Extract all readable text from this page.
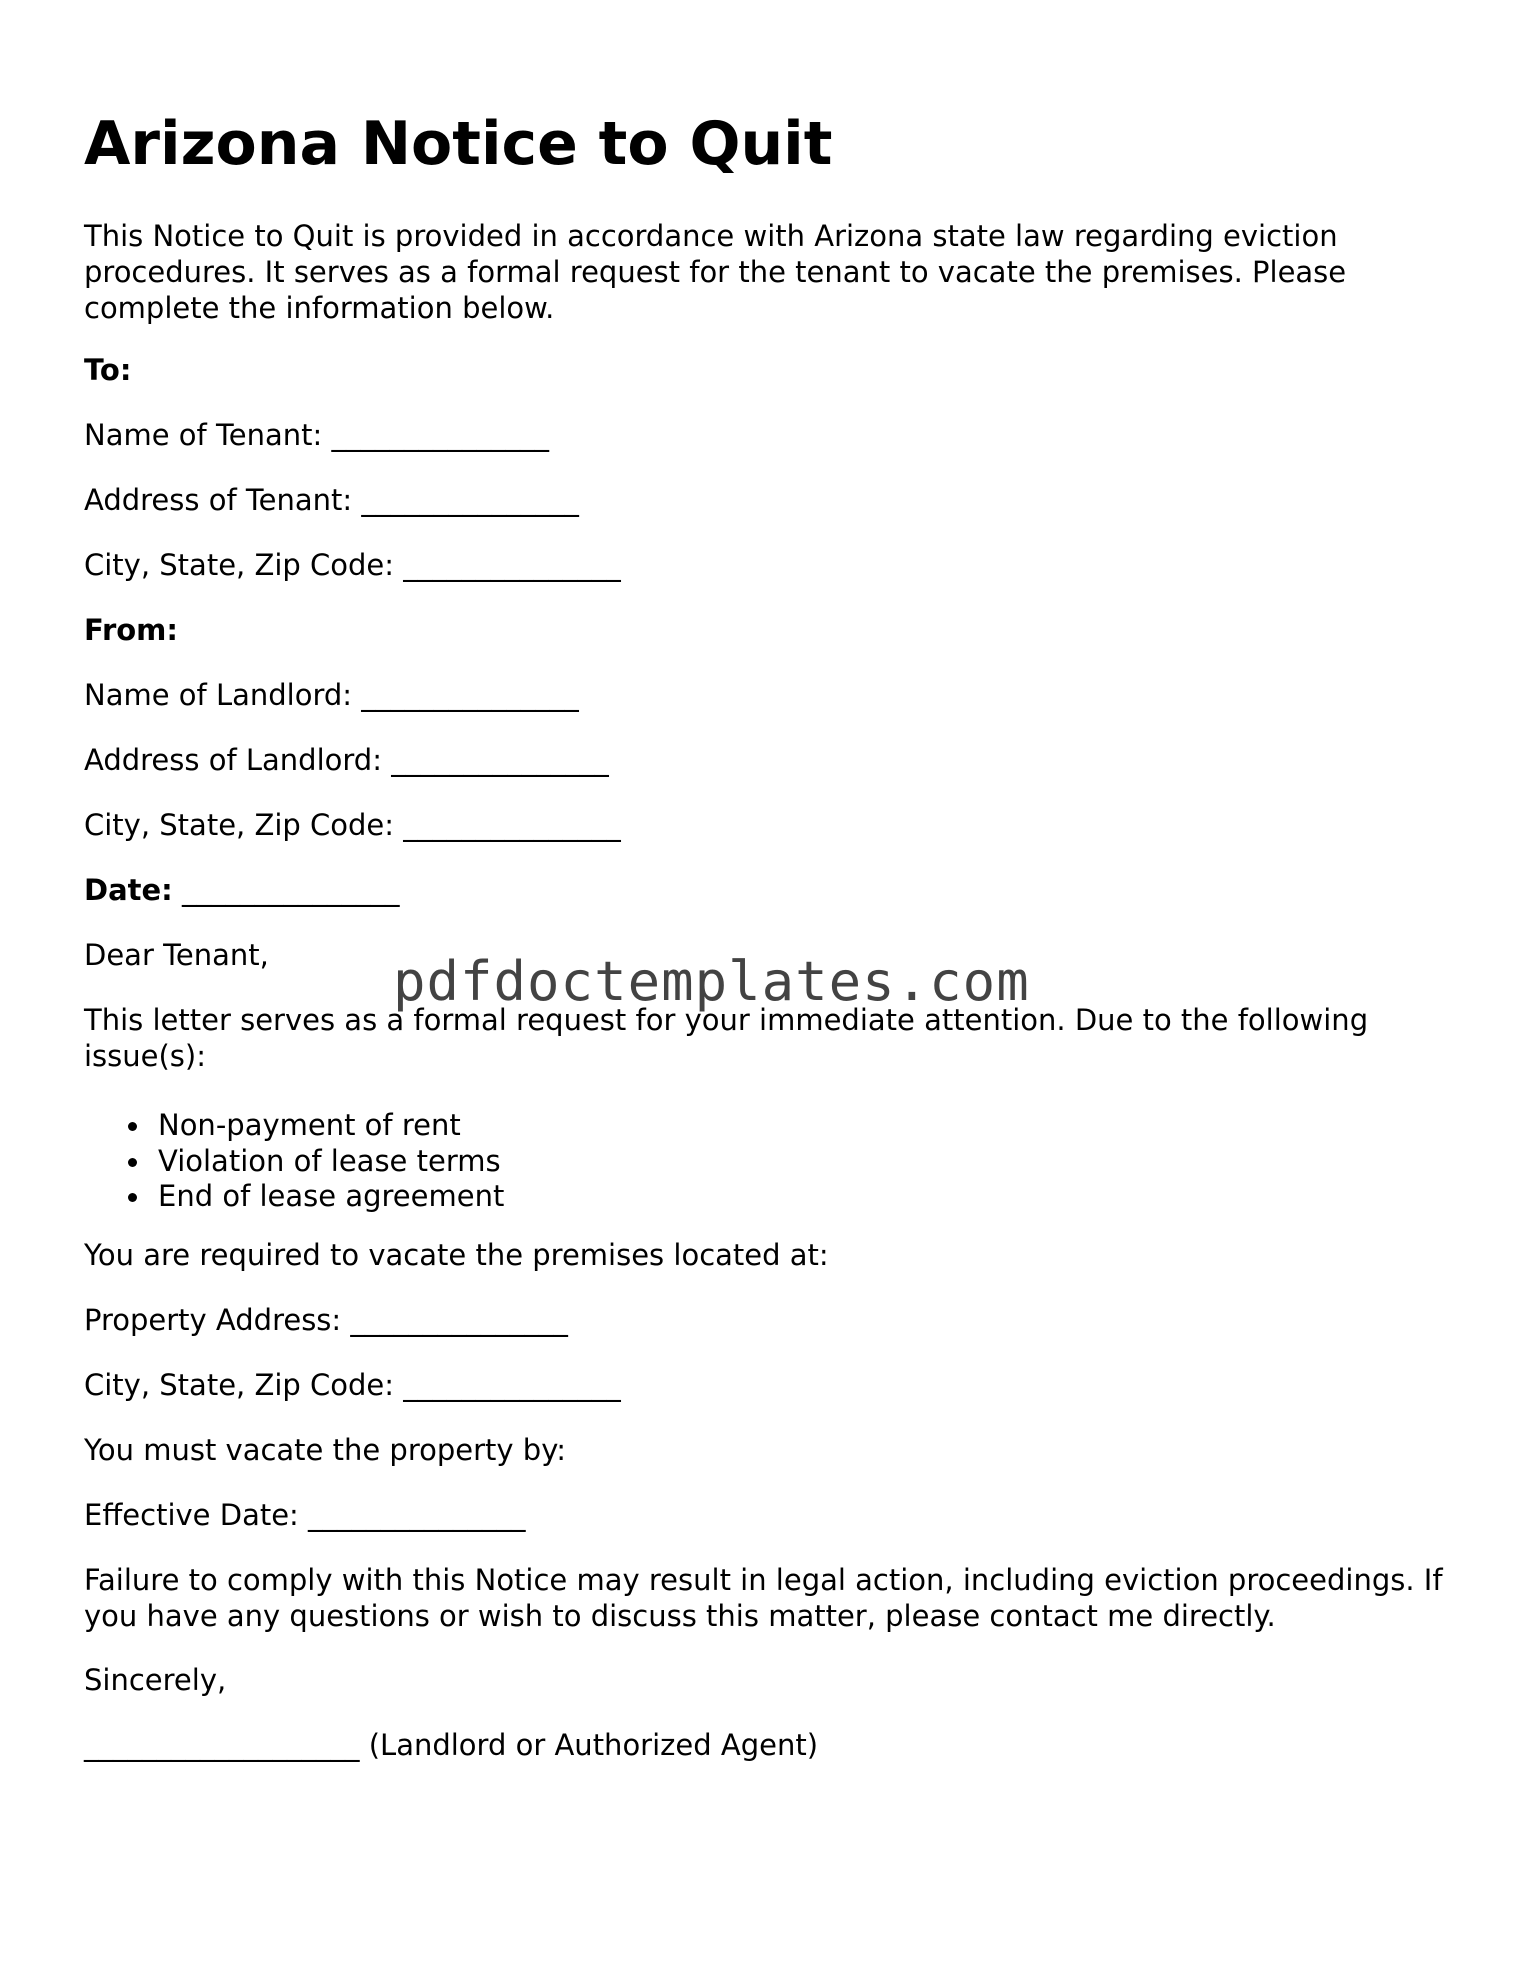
Arizona Notice to Quit

This Notice to Quit is provided in accordance with Arizona state law regarding eviction procedures. It serves as a formal request for the tenant to vacate the premises. Please complete the information below.

To:

Name of Tenant: _______________

Address of Tenant: _______________

City, State, Zip Code: _______________

From:

Name of Landlord: _______________

Address of Landlord: _______________

City, State, Zip Code: _______________

Date: _______________

Dear Tenant,

This letter serves as a formal request for your immediate attention. Due to the following issue(s):

Non-payment of rent
Violation of lease terms
End of lease agreement

You are required to vacate the premises located at:

Property Address: _______________

City, State, Zip Code: _______________

You must vacate the property by:

Effective Date: _______________

Failure to comply with this Notice may result in legal action, including eviction proceedings. If you have any questions or wish to discuss this matter, please contact me directly.

Sincerely,

___________________ (Landlord or Authorized Agent)

pdfdoctemplates.com
